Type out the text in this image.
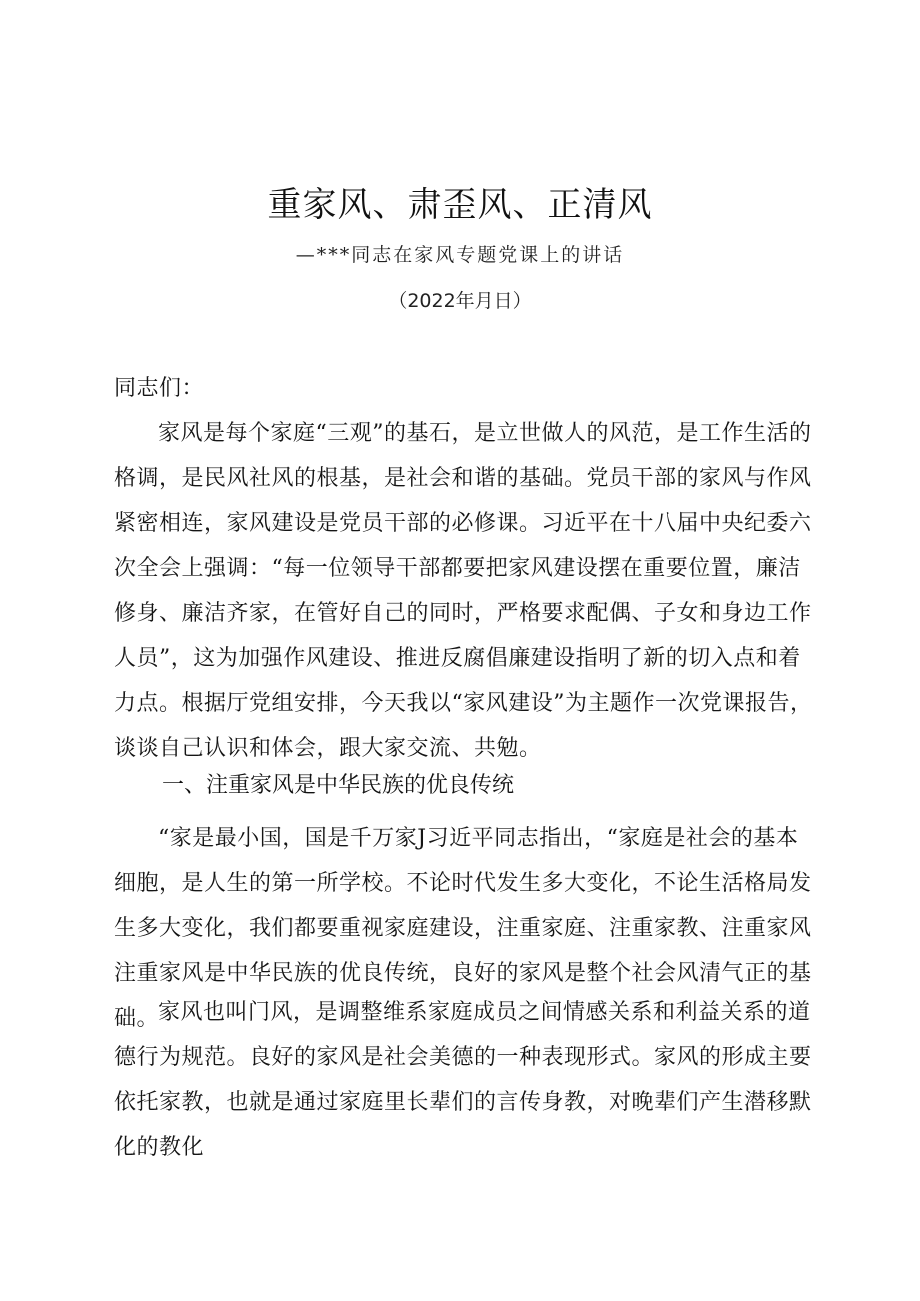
重家风、肃歪风、正清风
—***同志在家风专题党课上的讲话
（2022年月日）

同志们：

家风是每个家庭“三观”的基石，是立世做人的风范，是工作生活的格调，是民风社风的根基，是社会和谐的基础。党员干部的家风与作风紧密相连，家风建设是党员干部的必修课。习近平在十八届中央纪委六次全会上强调：“每一位领导干部都要把家风建设摆在重要位置，廉洁修身、廉洁齐家，在管好自己的同时，严格要求配偶、子女和身边工作人员”，这为加强作风建设、推进反腐倡廉建设指明了新的切入点和着力点。根据厅党组安排，今天我以“家风建设”为主题作一次党课报告，谈谈自己认识和体会，跟大家交流、共勉。

一、注重家风是中华民族的优良传统

“家是最小国，国是千万家J习近平同志指出，“家庭是社会的基本细胞，是人生的第一所学校。不论时代发生多大变化，不论生活格局发生多大变化，我们都要重视家庭建设，注重家庭、注重家教、注重家风注重家风是中华民族的优良传统，良好的家风是整个社会风清气正的基础。

家风也叫门风，是调整维系家庭成员之间情感关系和利益关系的道德行为规范。良好的家风是社会美德的一种表现形式。家风的形成主要依托家教，也就是通过家庭里长辈们的言传身教，对晚辈们产生潜移默化的教化
